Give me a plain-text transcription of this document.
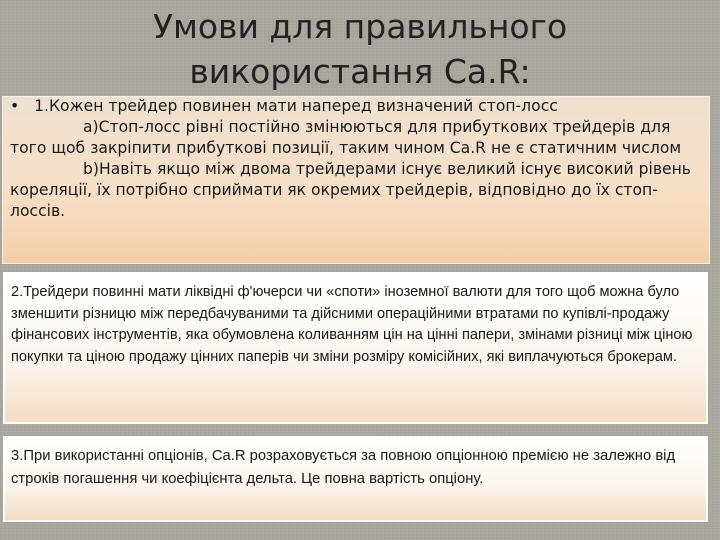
Умови для правильного
використання Ca.R:

• 1.Кожен трейдер повинен мати наперед визначений стоп-лосс

а)Стоп-лосс рівні постійно змінюються для прибуткових трейдерів для того щоб закріпити прибуткові позиції, таким чином Ca.R не є статичним числом

b)Навіть якщо між двома трейдерами існує великий існує високий рівень кореляції, їх потрібно сприймати як окремих трейдерів, відповідно до їх стоп-лоссів.

2.Трейдери повинні мати ліквідні ф'ючерси чи «споти» іноземної валюти для того щоб можна було зменшити різницю між передбачуваними та дійсними операційними втратами по купівлі-продажу фінансових інструментів, яка обумовлена коливанням цін на цінні папери, змінами різниці між ціною покупки та ціною продажу цінних паперів чи зміни розміру комісійних, які виплачуються брокерам.

3.При використанні опціонів, Ca.R розраховується за повною опціонною премією не залежно від строків погашення чи коефіцієнта дельта. Це повна вартість опціону.
